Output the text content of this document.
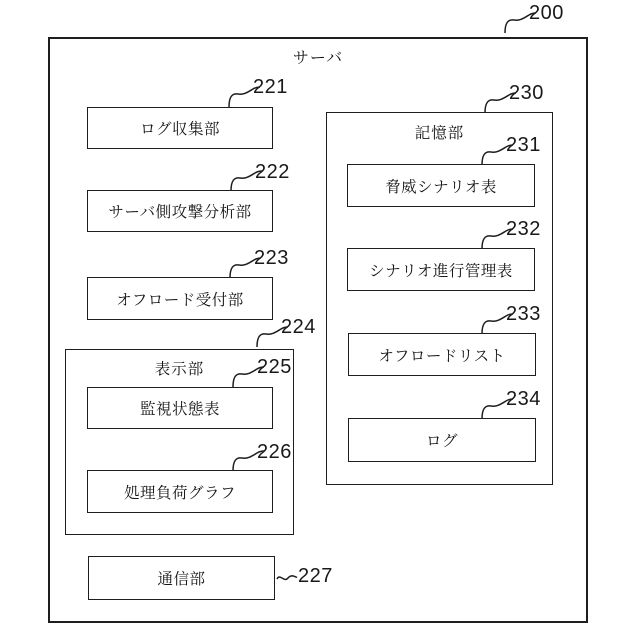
サーバ
200
ログ収集部
221
サーバ側攻撃分析部
222
オフロード受付部
223
表示部
224
監視状態表
225
処理負荷グラフ
226
通信部	227
記憶部
230
脅威シナリオ表
231
シナリオ進行管理表
232
オフロードリスト
233
ログ
234
